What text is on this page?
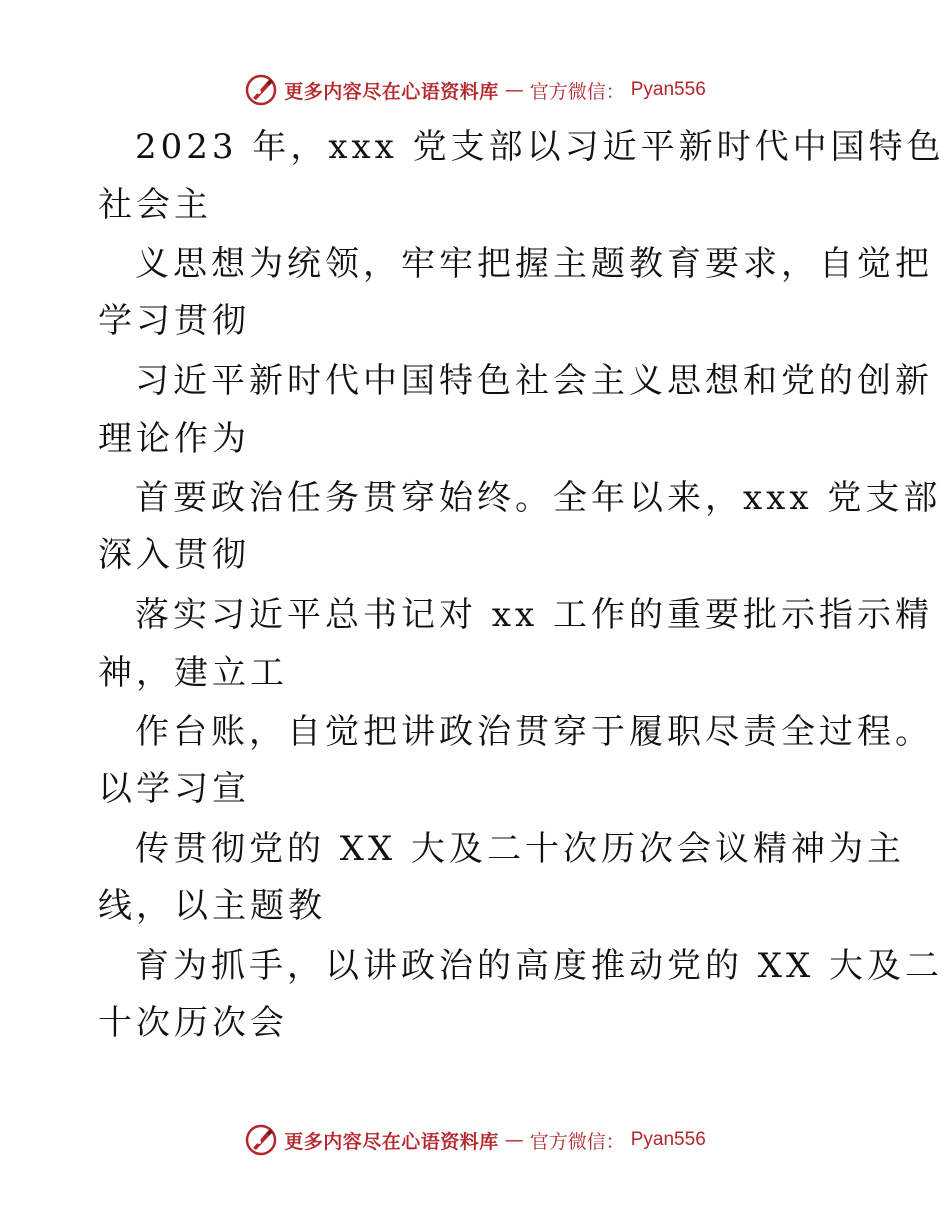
更多内容尽在心语资料库 — 官方微信： Pyan556
2023 年，xxx 党支部以习近平新时代中国特色
社会主
义思想为统领，牢牢把握主题教育要求，自觉把
学习贯彻
习近平新时代中国特色社会主义思想和党的创新
理论作为
首要政治任务贯穿始终。全年以来，xxx 党支部
深入贯彻
落实习近平总书记对 xx 工作的重要批示指示精
神，建立工
作台账，自觉把讲政治贯穿于履职尽责全过程。
以学习宣
传贯彻党的 XX 大及二十次历次会议精神为主
线，以主题教
育为抓手，以讲政治的高度推动党的 XX 大及二
十次历次会
更多内容尽在心语资料库 — 官方微信： Pyan556
